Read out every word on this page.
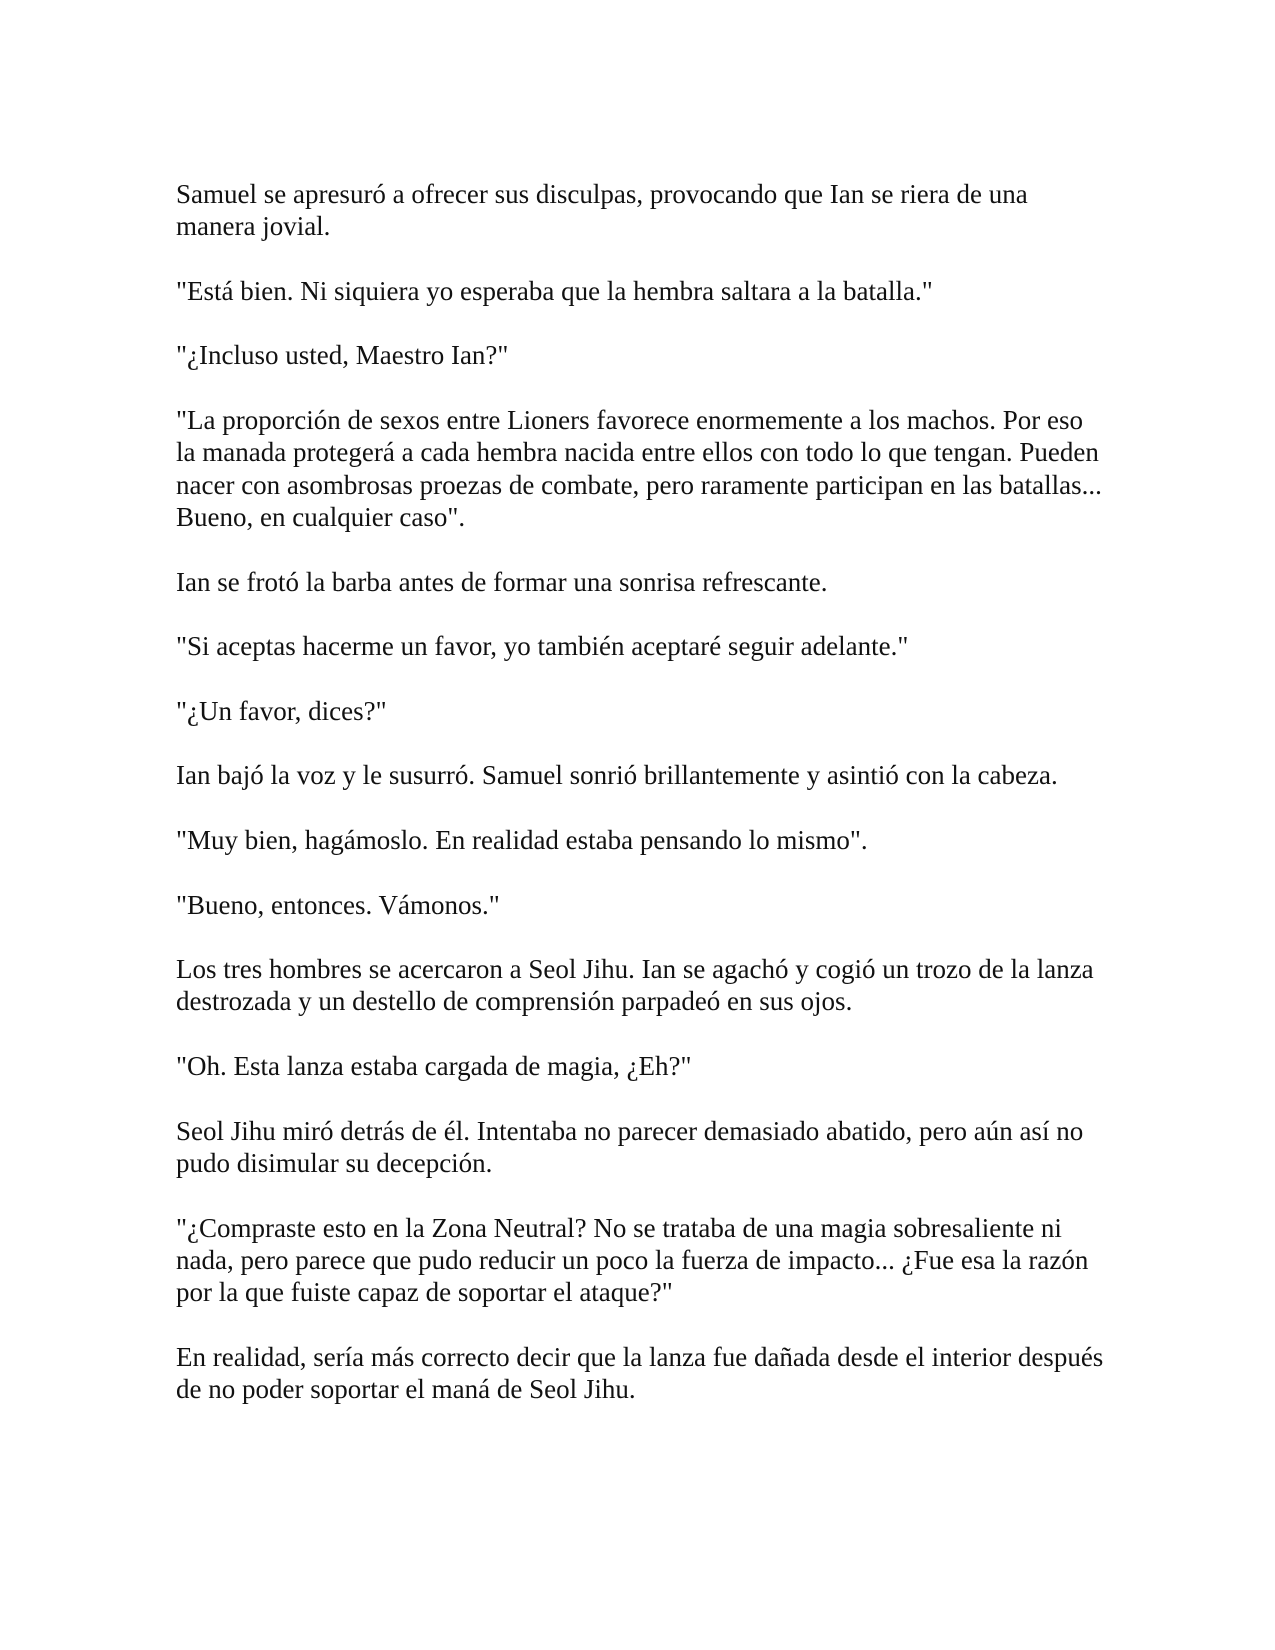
Samuel se apresuró a ofrecer sus disculpas, provocando que Ian se riera de una manera jovial.

"Está bien. Ni siquiera yo esperaba que la hembra saltara a la batalla."

"¿Incluso usted, Maestro Ian?"

"La proporción de sexos entre Lioners favorece enormemente a los machos. Por eso la manada protegerá a cada hembra nacida entre ellos con todo lo que tengan. Pueden nacer con asombrosas proezas de combate, pero raramente participan en las batallas... Bueno, en cualquier caso".

Ian se frotó la barba antes de formar una sonrisa refrescante.

"Si aceptas hacerme un favor, yo también aceptaré seguir adelante."

"¿Un favor, dices?"

Ian bajó la voz y le susurró. Samuel sonrió brillantemente y asintió con la cabeza.

"Muy bien, hagámoslo. En realidad estaba pensando lo mismo".

"Bueno, entonces. Vámonos."

Los tres hombres se acercaron a Seol Jihu. Ian se agachó y cogió un trozo de la lanza destrozada y un destello de comprensión parpadeó en sus ojos.

"Oh. Esta lanza estaba cargada de magia, ¿Eh?"

Seol Jihu miró detrás de él. Intentaba no parecer demasiado abatido, pero aún así no pudo disimular su decepción.

"¿Compraste esto en la Zona Neutral? No se trataba de una magia sobresaliente ni nada, pero parece que pudo reducir un poco la fuerza de impacto... ¿Fue esa la razón por la que fuiste capaz de soportar el ataque?"

En realidad, sería más correcto decir que la lanza fue dañada desde el interior después de no poder soportar el maná de Seol Jihu.
